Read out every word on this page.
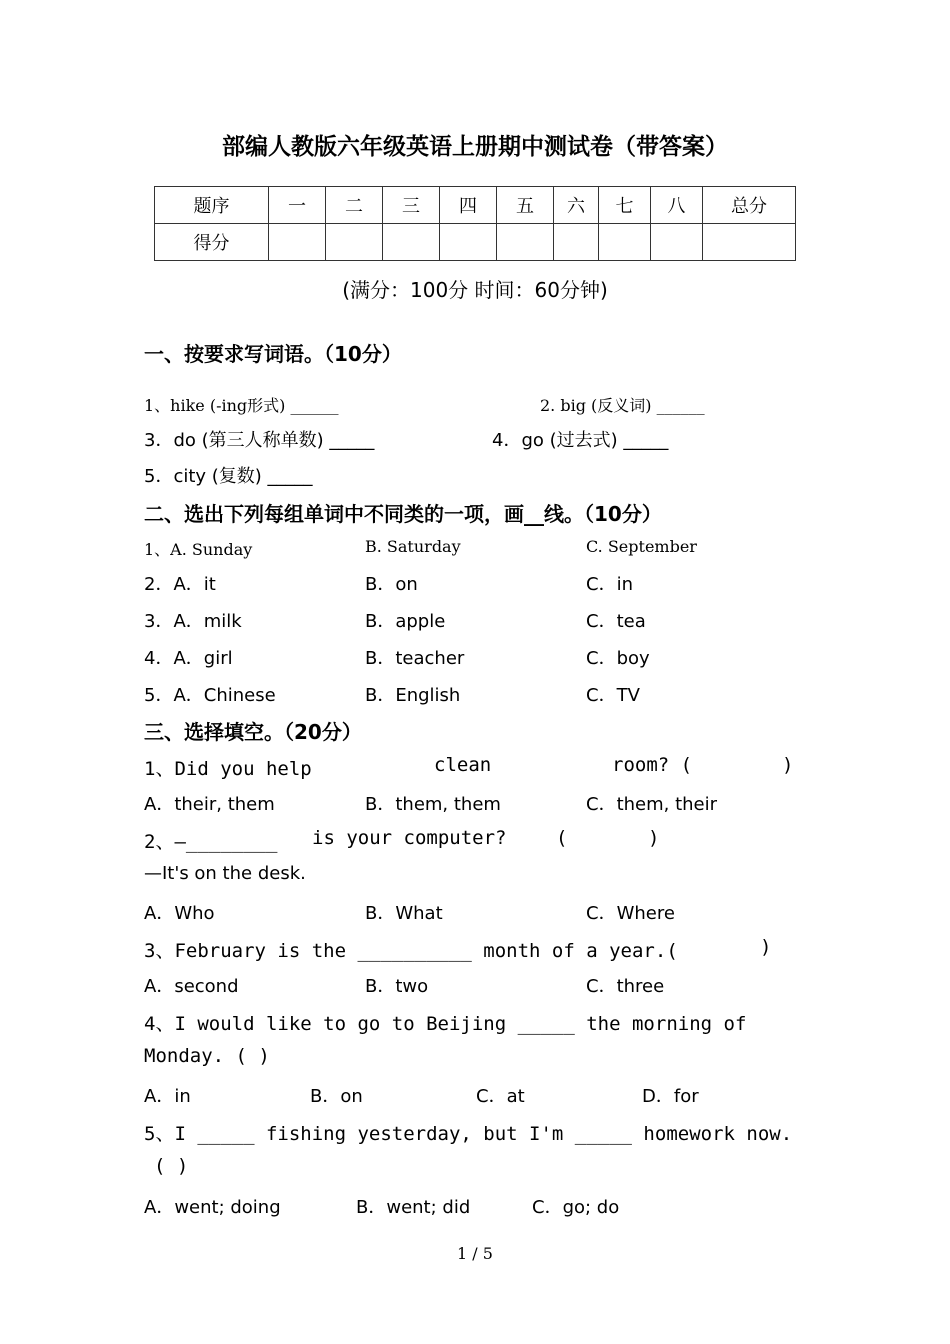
部编人教版六年级英语上册期中测试卷（带答案）
题序	一	二	三	四	五	六	七	八	总分
得分									
(满分：100分 时间：60分钟)
一、按要求写词语。（10分）
1、hike (-ing形式) ______	2. big (反义词) ______
3．do (第三人称单数) _____	4．go (过去式) _____
5．city (复数) _____
二、选出下列每组单词中不同类的一项，画__线。（10分）
1、A. Sunday	B. Saturday	C. September
2．A．it	B．on	C．in
3．A．milk	B．apple	C．tea
4．A．girl	B．teacher	C．boy
5．A．Chinese	B．English	C．TV
三、选择填空。（20分）
1、Did you help	clean	room? (	)
A．their, them	B．them, them	C．them, their
2、—________ is your computer?	(	)
—It's on the desk.
A．Who	B．What	C．Where
3、February is the __________ month of a year.(	)
A．second	B．two	C．three
4、I would like to go to Beijing _____ the morning of
Monday. ( )
A．in	B．on	C．at	D．for
5、I _____ fishing yesterday, but I'm _____ homework now.
( )
A．went; doing	B．went; did	C．go; do
1 / 5
